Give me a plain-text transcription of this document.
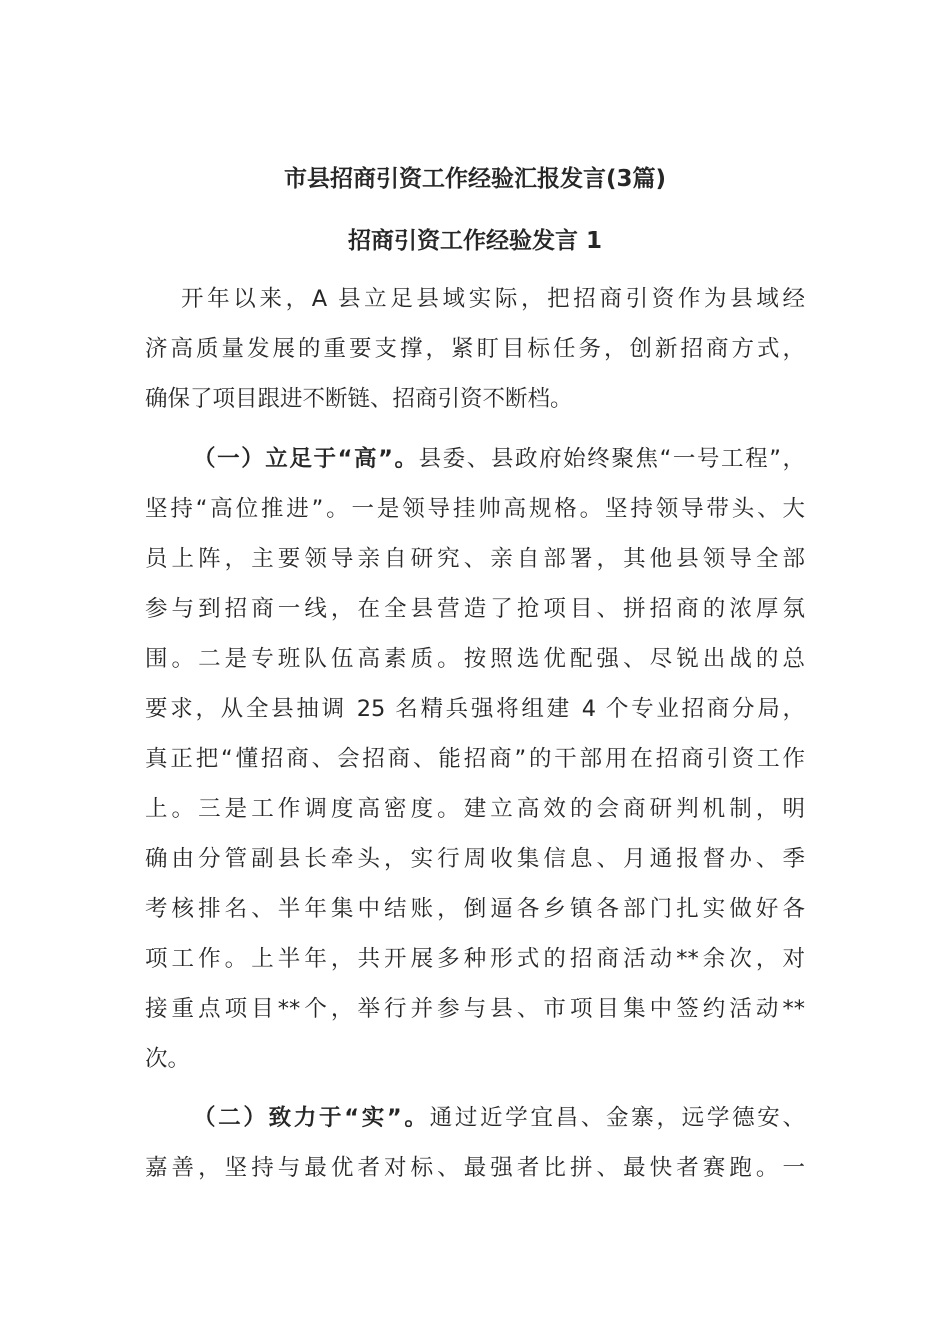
市县招商引资工作经验汇报发言(3篇)
招商引资工作经验发言 1
开年以来，A 县立足县域实际，把招商引资作为县域经
济高质量发展的重要支撑，紧盯目标任务，创新招商方式，
确保了项目跟进不断链、招商引资不断档。
（一）立足于“高”。县委、县政府始终聚焦“一号工程”，
坚持“高位推进”。一是领导挂帅高规格。坚持领导带头、大
员上阵，主要领导亲自研究、亲自部署，其他县领导全部
参与到招商一线，在全县营造了抢项目、拼招商的浓厚氛
围。二是专班队伍高素质。按照选优配强、尽锐出战的总
要求，从全县抽调 25 名精兵强将组建 4 个专业招商分局，
真正把“懂招商、会招商、能招商”的干部用在招商引资工作
上。三是工作调度高密度。建立高效的会商研判机制，明
确由分管副县长牵头，实行周收集信息、月通报督办、季
考核排名、半年集中结账，倒逼各乡镇各部门扎实做好各
项工作。上半年，共开展多种形式的招商活动**余次，对
接重点项目**个，举行并参与县、市项目集中签约活动**
次。
（二）致力于“实”。通过近学宜昌、金寨，远学德安、
嘉善，坚持与最优者对标、最强者比拼、最快者赛跑。一
